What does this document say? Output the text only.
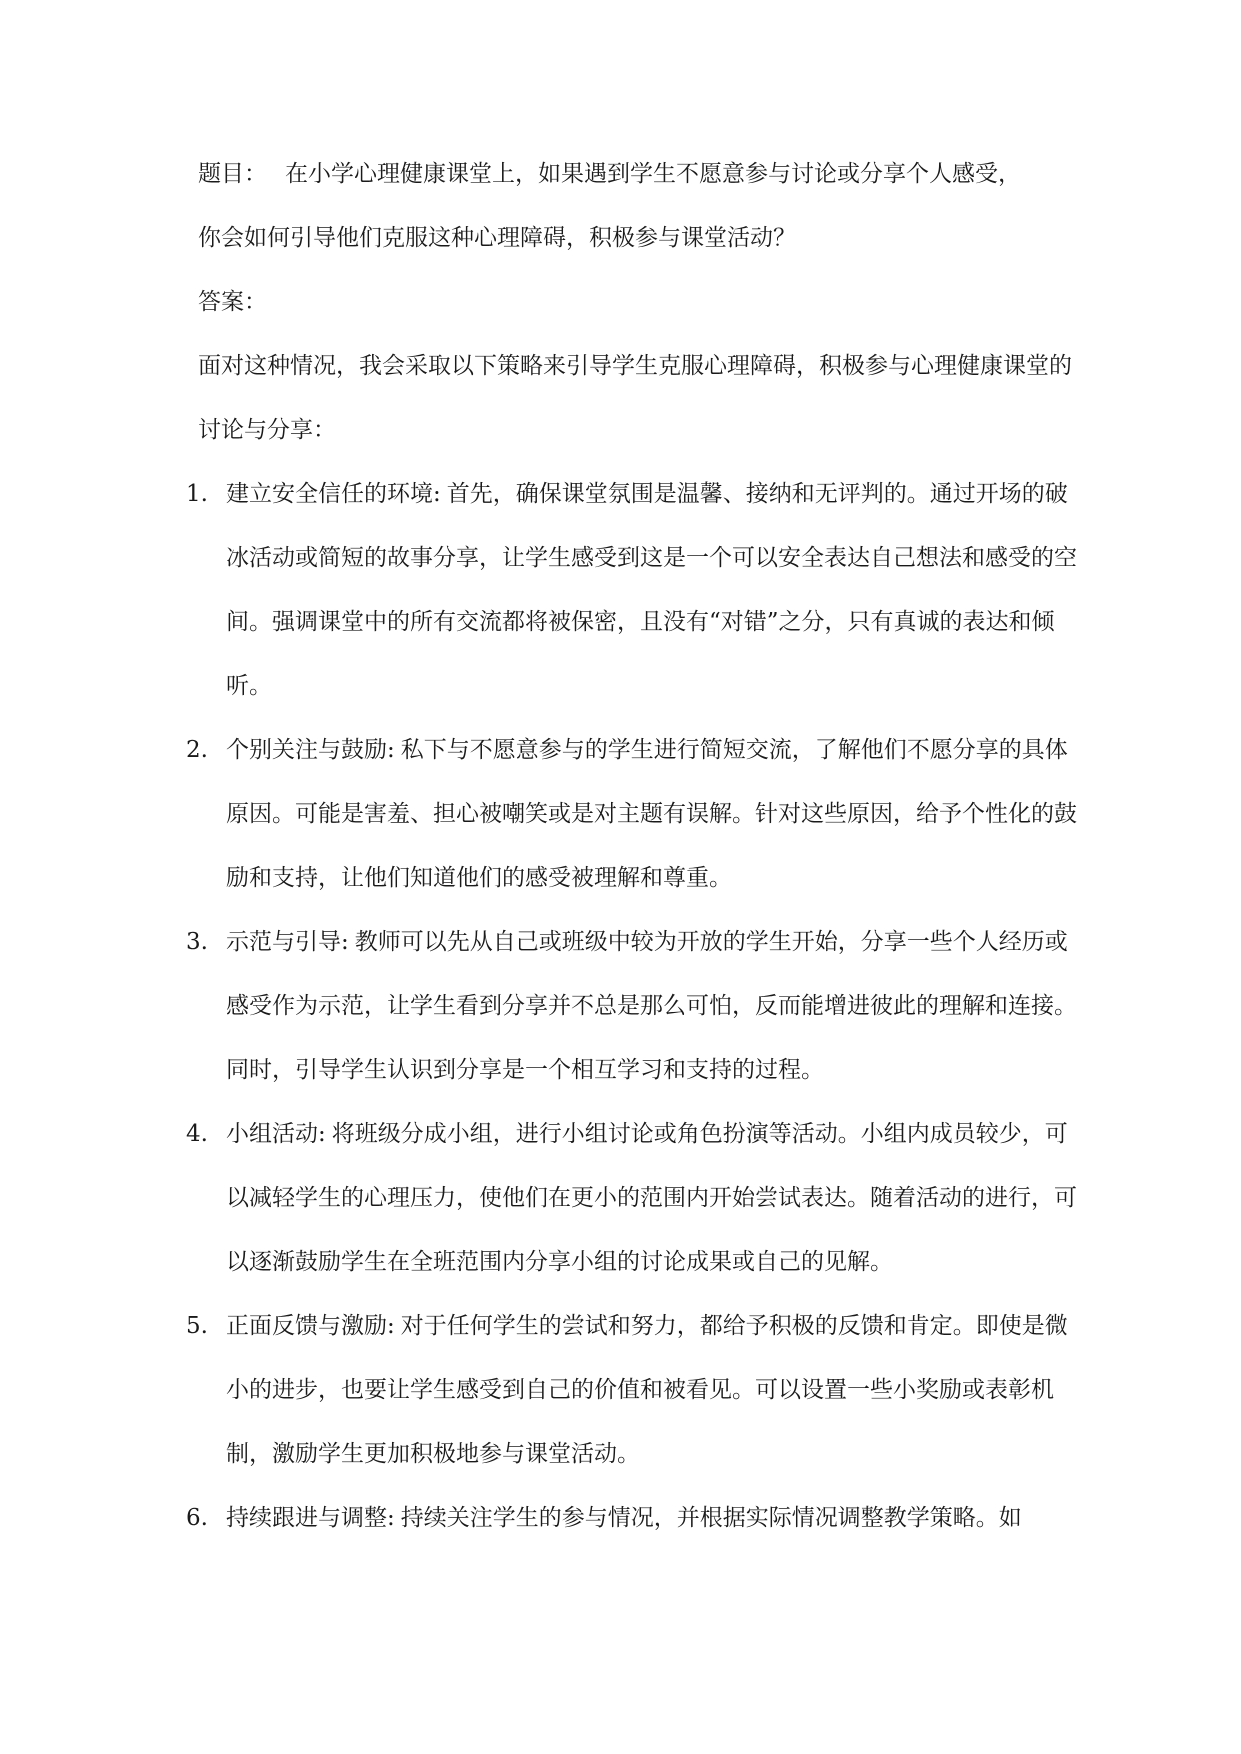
题目： 在小学心理健康课堂上，如果遇到学生不愿意参与讨论或分享个人感受，

你会如何引导他们克服这种心理障碍，积极参与课堂活动？

答案：

面对这种情况，我会采取以下策略来引导学生克服心理障碍，积极参与心理健康课堂的讨论与分享：

1. 建立安全信任的环境: 首先，确保课堂氛围是温馨、接纳和无评判的。通过开场的破冰活动或简短的故事分享，让学生感受到这是一个可以安全表达自己想法和感受的空间。强调课堂中的所有交流都将被保密，且没有“对错”之分，只有真诚的表达和倾听。
2. 个别关注与鼓励: 私下与不愿意参与的学生进行简短交流，了解他们不愿分享的具体原因。可能是害羞、担心被嘲笑或是对主题有误解。针对这些原因，给予个性化的鼓励和支持，让他们知道他们的感受被理解和尊重。
3. 示范与引导: 教师可以先从自己或班级中较为开放的学生开始，分享一些个人经历或感受作为示范，让学生看到分享并不总是那么可怕，反而能增进彼此的理解和连接。同时，引导学生认识到分享是一个相互学习和支持的过程。
4. 小组活动: 将班级分成小组，进行小组讨论或角色扮演等活动。小组内成员较少，可以减轻学生的心理压力，使他们在更小的范围内开始尝试表达。随着活动的进行，可以逐渐鼓励学生在全班范围内分享小组的讨论成果或自己的见解。
5. 正面反馈与激励: 对于任何学生的尝试和努力，都给予积极的反馈和肯定。即使是微小的进步，也要让学生感受到自己的价值和被看见。可以设置一些小奖励或表彰机制，激励学生更加积极地参与课堂活动。
6. 持续跟进与调整: 持续关注学生的参与情况，并根据实际情况调整教学策略。如
